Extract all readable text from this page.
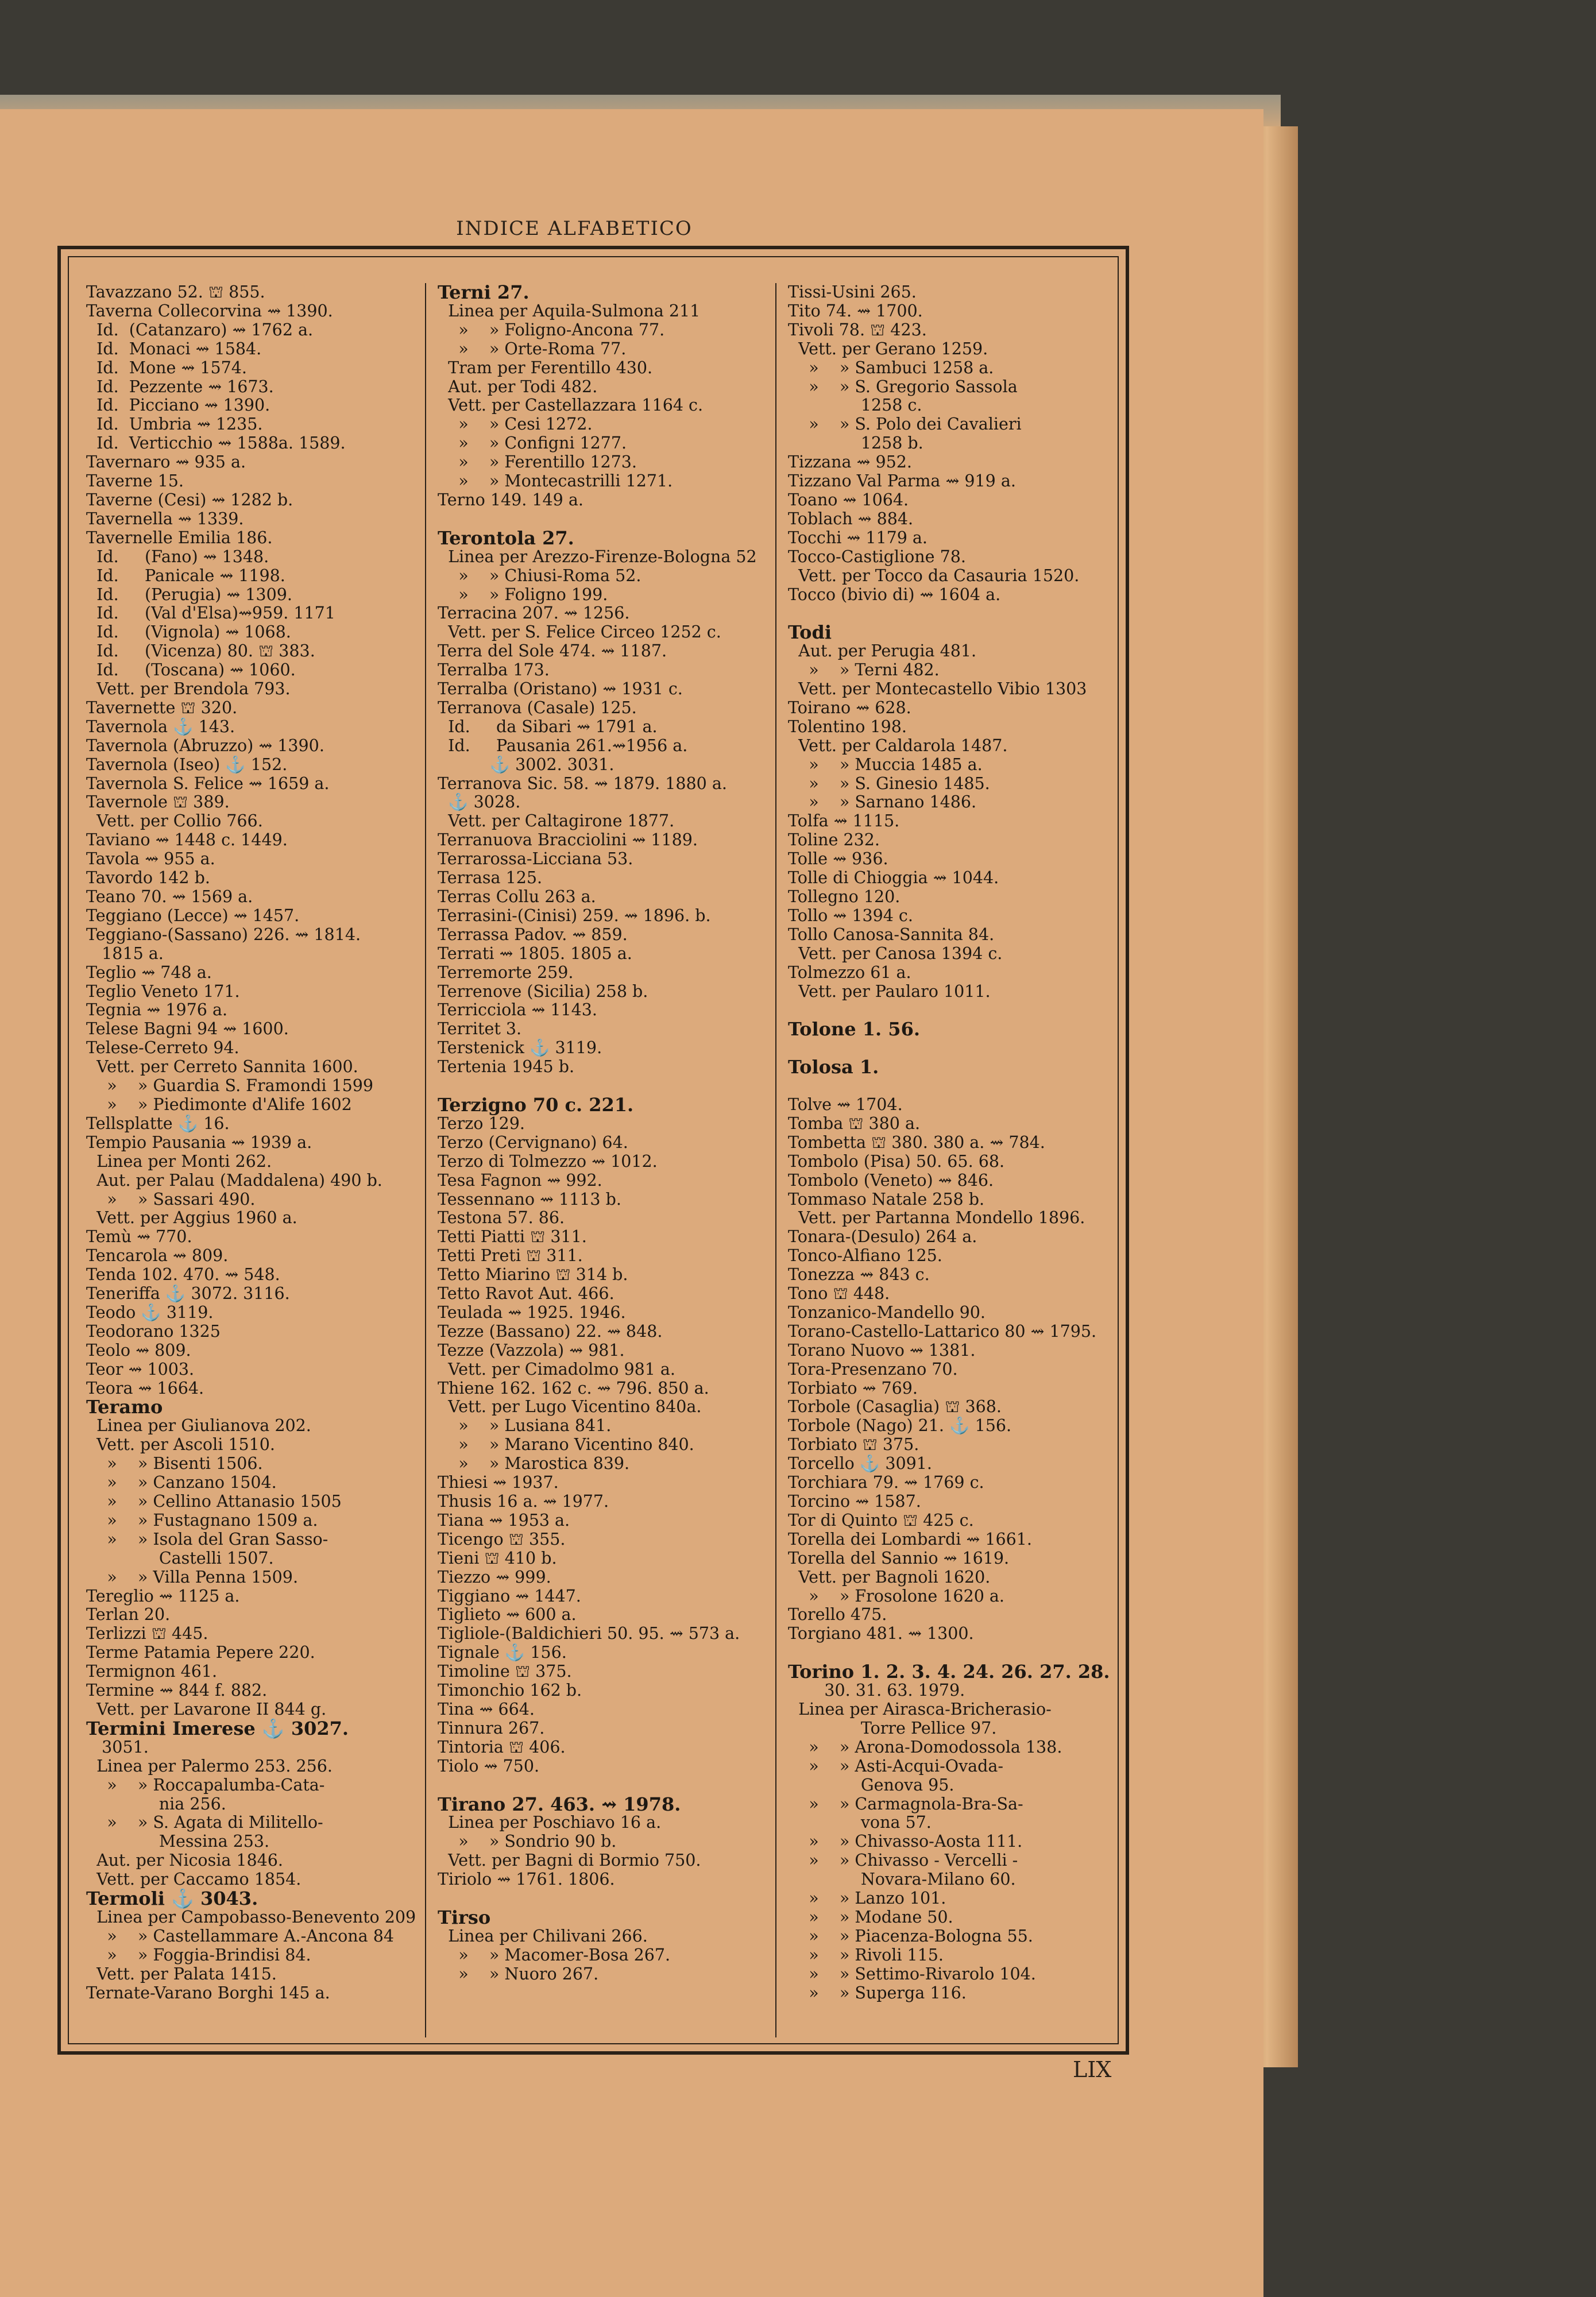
INDICE ALFABETICO
Tavazzano 52. ⛫ 855.
Taverna Collecorvina ⇝ 1390.
Id.  (Catanzaro) ⇝ 1762 a.
Id.  Monaci ⇝ 1584.
Id.  Mone ⇝ 1574.
Id.  Pezzente ⇝ 1673.
Id.  Picciano ⇝ 1390.
Id.  Umbria ⇝ 1235.
Id.  Verticchio ⇝ 1588a. 1589.
Tavernaro ⇝ 935 a.
Taverne 15.
Taverne (Cesi) ⇝ 1282 b.
Tavernella ⇝ 1339.
Tavernelle Emilia 186.
Id.     (Fano) ⇝ 1348.
Id.     Panicale ⇝ 1198.
Id.     (Perugia) ⇝ 1309.
Id.     (Val d'Elsa)⇝959. 1171
Id.     (Vignola) ⇝ 1068.
Id.     (Vicenza) 80. ⛫ 383.
Id.     (Toscana) ⇝ 1060.
Vett. per Brendola 793.
Tavernette ⛫ 320.
Tavernola ⚓ 143.
Tavernola (Abruzzo) ⇝ 1390.
Tavernola (Iseo) ⚓ 152.
Tavernola S. Felice ⇝ 1659 a.
Tavernole ⛫ 389.
Vett. per Collio 766.
Taviano ⇝ 1448 c. 1449.
Tavola ⇝ 955 a.
Tavordo 142 b.
Teano 70. ⇝ 1569 a.
Teggiano (Lecce) ⇝ 1457.
Teggiano-(Sassano) 226. ⇝ 1814.
1815 a.
Teglio ⇝ 748 a.
Teglio Veneto 171.
Tegnia ⇝ 1976 a.
Telese Bagni 94 ⇝ 1600.
Telese-Cerreto 94.
Vett. per Cerreto Sannita 1600.
»    » Guardia S. Framondi 1599
»    » Piedimonte d'Alife 1602
Tellsplatte ⚓ 16.
Tempio Pausania ⇝ 1939 a.
Linea per Monti 262.
Aut. per Palau (Maddalena) 490 b.
»    » Sassari 490.
Vett. per Aggius 1960 a.
Temù ⇝ 770.
Tencarola ⇝ 809.
Tenda 102. 470. ⇝ 548.
Teneriffa ⚓ 3072. 3116.
Teodo ⚓ 3119.
Teodorano 1325
Teolo ⇝ 809.
Teor ⇝ 1003.
Teora ⇝ 1664.
Teramo
Linea per Giulianova 202.
Vett. per Ascoli 1510.
»    » Bisenti 1506.
»    » Canzano 1504.
»    » Cellino Attanasio 1505
»    » Fustagnano 1509 a.
»    » Isola del Gran Sasso-
Castelli 1507.
»    » Villa Penna 1509.
Tereglio ⇝ 1125 a.
Terlan 20.
Terlizzi ⛫ 445.
Terme Patamia Pepere 220.
Termignon 461.
Termine ⇝ 844 f. 882.
Vett. per Lavarone II 844 g.
Termini Imerese ⚓ 3027.
3051.
Linea per Palermo 253. 256.
»    » Roccapalumba-Cata-
nia 256.
»    » S. Agata di Militello-
Messina 253.
Aut. per Nicosia 1846.
Vett. per Caccamo 1854.
Termoli ⚓ 3043.
Linea per Campobasso-Benevento 209
»    » Castellammare A.-Ancona 84
»    » Foggia-Brindisi 84.
Vett. per Palata 1415.
Ternate-Varano Borghi 145 a.
Terni 27.
Linea per Aquila-Sulmona 211
»    » Foligno-Ancona 77.
»    » Orte-Roma 77.
Tram per Ferentillo 430.
Aut. per Todi 482.
Vett. per Castellazzara 1164 c.
»    » Cesi 1272.
»    » Configni 1277.
»    » Ferentillo 1273.
»    » Montecastrilli 1271.
Terno 149. 149 a.

Terontola 27.
Linea per Arezzo-Firenze-Bologna 52
»    » Chiusi-Roma 52.
»    » Foligno 199.
Terracina 207. ⇝ 1256.
Vett. per S. Felice Circeo 1252 c.
Terra del Sole 474. ⇝ 1187.
Terralba 173.
Terralba (Oristano) ⇝ 1931 c.
Terranova (Casale) 125.
Id.     da Sibari ⇝ 1791 a.
Id.     Pausania 261.⇝1956 a.
⚓ 3002. 3031.
Terranova Sic. 58. ⇝ 1879. 1880 a.
⚓ 3028.
Vett. per Caltagirone 1877.
Terranuova Bracciolini ⇝ 1189.
Terrarossa-Licciana 53.
Terrasa 125.
Terras Collu 263 a.
Terrasini-(Cinisi) 259. ⇝ 1896. b.
Terrassa Padov. ⇝ 859.
Terrati ⇝ 1805. 1805 a.
Terremorte 259.
Terrenove (Sicilia) 258 b.
Terricciola ⇝ 1143.
Territet 3.
Terstenick ⚓ 3119.
Tertenia 1945 b.

Terzigno 70 c. 221.
Terzo 129.
Terzo (Cervignano) 64.
Terzo di Tolmezzo ⇝ 1012.
Tesa Fagnon ⇝ 992.
Tessennano ⇝ 1113 b.
Testona 57. 86.
Tetti Piatti ⛫ 311.
Tetti Preti ⛫ 311.
Tetto Miarino ⛫ 314 b.
Tetto Ravot Aut. 466.
Teulada ⇝ 1925. 1946.
Tezze (Bassano) 22. ⇝ 848.
Tezze (Vazzola) ⇝ 981.
Vett. per Cimadolmo 981 a.
Thiene 162. 162 c. ⇝ 796. 850 a.
Vett. per Lugo Vicentino 840a.
»    » Lusiana 841.
»    » Marano Vicentino 840.
»    » Marostica 839.
Thiesi ⇝ 1937.
Thusis 16 a. ⇝ 1977.
Tiana ⇝ 1953 a.
Ticengo ⛫ 355.
Tieni ⛫ 410 b.
Tiezzo ⇝ 999.
Tiggiano ⇝ 1447.
Tiglieto ⇝ 600 a.
Tigliole-(Baldichieri 50. 95. ⇝ 573 a.
Tignale ⚓ 156.
Timoline ⛫ 375.
Timonchio 162 b.
Tina ⇝ 664.
Tinnura 267.
Tintoria ⛫ 406.
Tiolo ⇝ 750.

Tirano 27. 463. ⇝ 1978.
Linea per Poschiavo 16 a.
»    » Sondrio 90 b.
Vett. per Bagni di Bormio 750.
Tiriolo ⇝ 1761. 1806.

Tirso
Linea per Chilivani 266.
»    » Macomer-Bosa 267.
»    » Nuoro 267.
Tissi-Usini 265.
Tito 74. ⇝ 1700.
Tivoli 78. ⛫ 423.
Vett. per Gerano 1259.
»    » Sambuci 1258 a.
»    » S. Gregorio Sassola
1258 c.
»    » S. Polo dei Cavalieri
1258 b.
Tizzana ⇝ 952.
Tizzano Val Parma ⇝ 919 a.
Toano ⇝ 1064.
Toblach ⇝ 884.
Tocchi ⇝ 1179 a.
Tocco-Castiglione 78.
Vett. per Tocco da Casauria 1520.
Tocco (bivio di) ⇝ 1604 a.

Todi
Aut. per Perugia 481.
»    » Terni 482.
Vett. per Montecastello Vibio 1303
Toirano ⇝ 628.
Tolentino 198.
Vett. per Caldarola 1487.
»    » Muccia 1485 a.
»    » S. Ginesio 1485.
»    » Sarnano 1486.
Tolfa ⇝ 1115.
Toline 232.
Tolle ⇝ 936.
Tolle di Chioggia ⇝ 1044.
Tollegno 120.
Tollo ⇝ 1394 c.
Tollo Canosa-Sannita 84.
Vett. per Canosa 1394 c.
Tolmezzo 61 a.
Vett. per Paularo 1011.

Tolone 1. 56.

Tolosa 1.

Tolve ⇝ 1704.
Tomba ⛫ 380 a.
Tombetta ⛫ 380. 380 a. ⇝ 784.
Tombolo (Pisa) 50. 65. 68.
Tombolo (Veneto) ⇝ 846.
Tommaso Natale 258 b.
Vett. per Partanna Mondello 1896.
Tonara-(Desulo) 264 a.
Tonco-Alfiano 125.
Tonezza ⇝ 843 c.
Tono ⛫ 448.
Tonzanico-Mandello 90.
Torano-Castello-Lattarico 80 ⇝ 1795.
Torano Nuovo ⇝ 1381.
Tora-Presenzano 70.
Torbiato ⇝ 769.
Torbole (Casaglia) ⛫ 368.
Torbole (Nago) 21. ⚓ 156.
Torbiato ⛫ 375.
Torcello ⚓ 3091.
Torchiara 79. ⇝ 1769 c.
Torcino ⇝ 1587.
Tor di Quinto ⛫ 425 c.
Torella dei Lombardi ⇝ 1661.
Torella del Sannio ⇝ 1619.
Vett. per Bagnoli 1620.
»    » Frosolone 1620 a.
Torello 475.
Torgiano 481. ⇝ 1300.

Torino 1. 2. 3. 4. 24. 26. 27. 28.
30. 31. 63. 1979.
Linea per Airasca-Bricherasio-
Torre Pellice 97.
»    » Arona-Domodossola 138.
»    » Asti-Acqui-Ovada-
Genova 95.
»    » Carmagnola-Bra-Sa-
vona 57.
»    » Chivasso-Aosta 111.
»    » Chivasso - Vercelli -
Novara-Milano 60.
»    » Lanzo 101.
»    » Modane 50.
»    » Piacenza-Bologna 55.
»    » Rivoli 115.
»    » Settimo-Rivarolo 104.
»    » Superga 116.
LIX
